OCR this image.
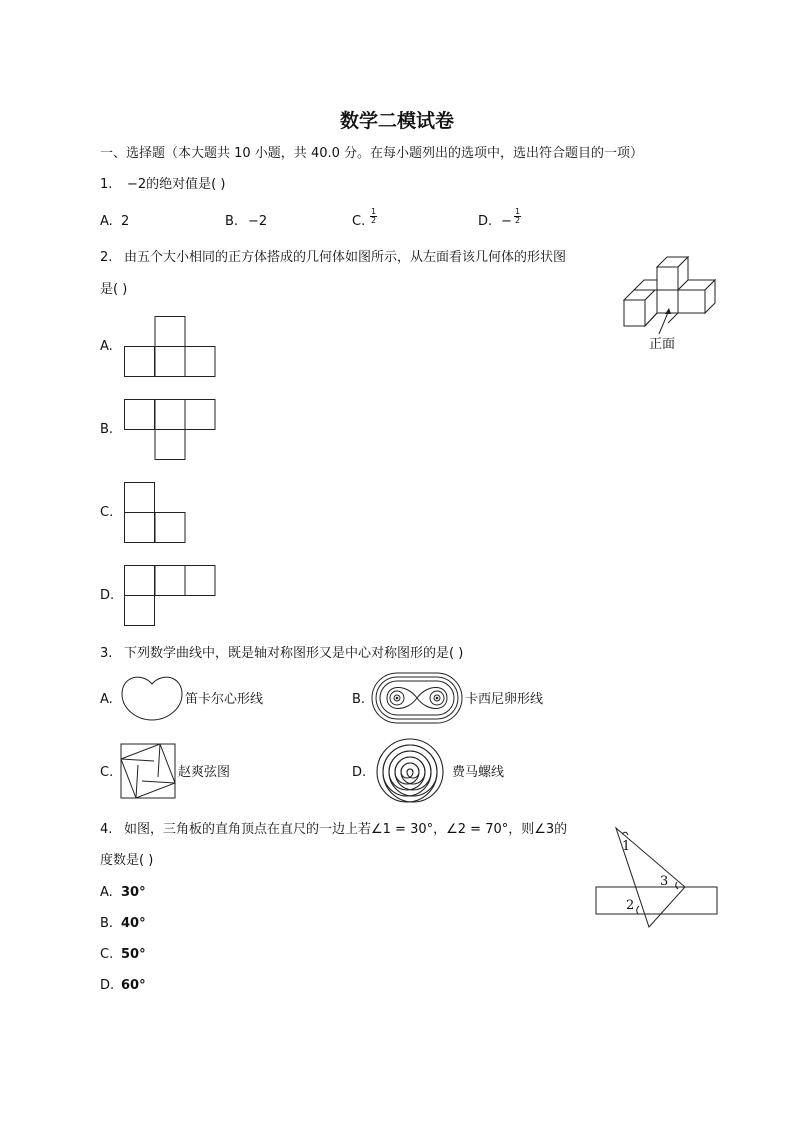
数学二模试卷
一、选择题（本大题共 10 小题，共 40.0 分。在每小题列出的选项中，选出符合题目的一项）
1. −2的绝对值是( )
A. 2	B. −2	C. $\frac{1}{2}$	D. − $\frac{1}{2}$
2. 由五个大小相同的正方体搭成的几何体如图所示，从左面看该几何体的形状图
是( )
正面
A.
B.
C.
D.
3. 下列数学曲线中，既是轴对称图形又是中心对称图形的是( )
A.	笛卡尔心形线	B.	卡西尼卵形线
C.	赵爽弦图	D.	费马螺线
4. 如图，三角板的直角顶点在直尺的一边上若∠1 = 30°，∠2 = 70°，则∠3的
度数是( )
A. 30°
B. 40°
C. 50°
D. 60°
1
3
2
